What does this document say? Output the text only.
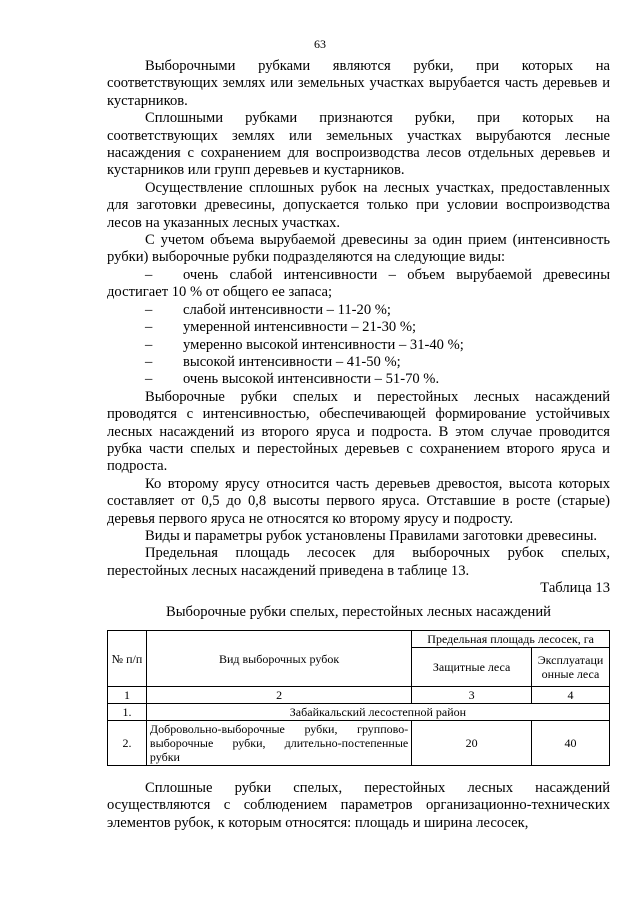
63

Выборочными рубками являются рубки, при которых на соответствующих землях или земельных участках вырубается часть деревьев и кустарников.

Сплошными рубками признаются рубки, при которых на соответствующих землях или земельных участках вырубаются лесные насаждения с сохранением для воспроизводства лесов отдельных деревьев и кустарников или групп деревьев и кустарников.

Осуществление сплошных рубок на лесных участках, предоставленных для заготовки древесины, допускается только при условии воспроизводства лесов на указанных лесных участках.

С учетом объема вырубаемой древесины за один прием (интенсивность рубки) выборочные рубки подразделяются на следующие виды:

– очень слабой интенсивности – объем вырубаемой древесины достигает 10 % от общего ее запаса;
–	слабой интенсивности – 11-20 %;
–	умеренной интенсивности – 21-30 %;
–	умеренно высокой интенсивности – 31-40 %;
–	высокой интенсивности – 41-50 %;
–	очень высокой интенсивности – 51-70 %.

Выборочные рубки спелых и перестойных лесных насаждений проводятся с интенсивностью, обеспечивающей формирование устойчивых лесных насаждений из второго яруса и подроста. В этом случае проводится рубка части спелых и перестойных деревьев с сохранением второго яруса и подроста.

Ко второму ярусу относится часть деревьев древостоя, высота которых составляет от 0,5 до 0,8 высоты первого яруса. Отставшие в росте (старые) деревья первого яруса не относятся ко второму ярусу и подросту.

Виды и параметры рубок установлены Правилами заготовки древесины.

Предельная площадь лесосек для выборочных рубок спелых, перестойных лесных насаждений приведена в таблице 13.

Таблица 13
Выборочные рубки спелых, перестойных лесных насаждений
№ п/п	Вид выборочных рубок	Предельная площадь лесосек, га	
		Защитные леса	Эксплуатаци онные леса
1	2	3	4
1.	Забайкальский лесостепной район		
2.	Добровольно-выборочные рубки, группово-выборочные рубки, длительно-постепенные рубки	20	40

Сплошные рубки спелых, перестойных лесных насаждений осуществляются с соблюдением параметров организационно-технических элементов рубок, к которым относятся: площадь и ширина лесосек,
